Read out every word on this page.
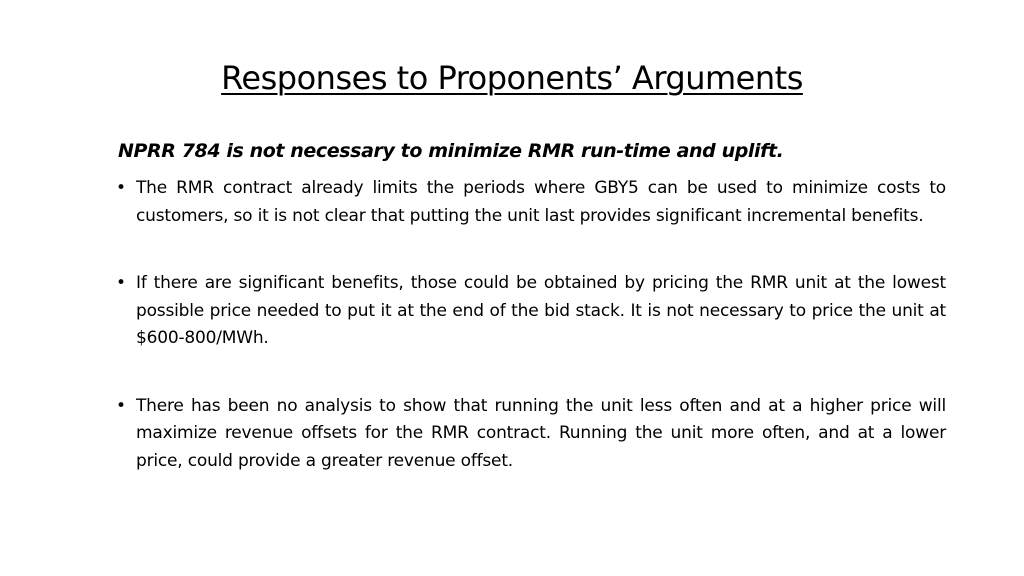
Responses to Proponents’ Arguments
NPRR 784 is not necessary to minimize RMR run-time and uplift.
• The RMR contract already limits the periods where GBY5 can be used to minimize costs to customers, so it is not clear that putting the unit last provides significant incremental benefits.
• If there are significant benefits, those could be obtained by pricing the RMR unit at the lowest possible price needed to put it at the end of the bid stack. It is not necessary to price the unit at $600-800/MWh.
• There has been no analysis to show that running the unit less often and at a higher price will maximize revenue offsets for the RMR contract. Running the unit more often, and at a lower price, could provide a greater revenue offset.
